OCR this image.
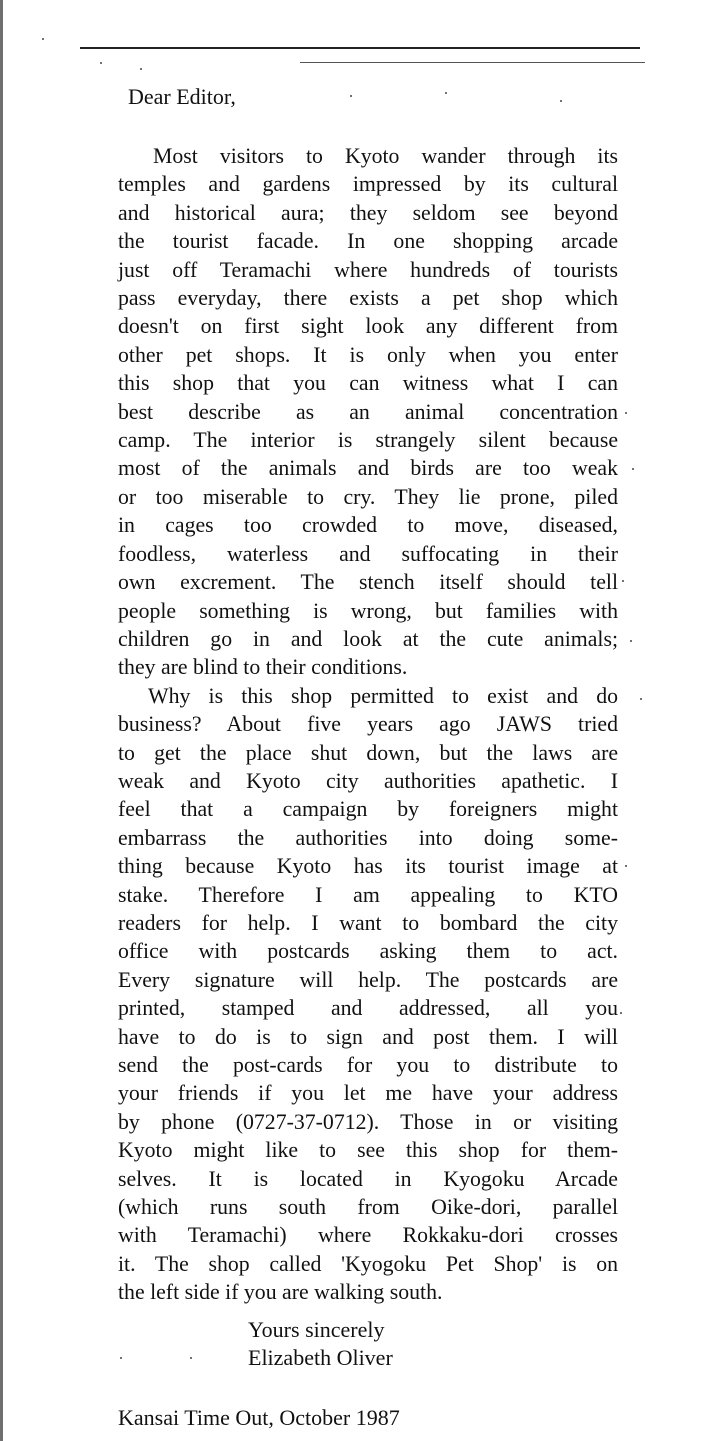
Dear Editor,
Most visitors to Kyoto wander through its
temples and gardens impressed by its cultural
and historical aura; they seldom see beyond
the tourist facade. In one shopping arcade
just off Teramachi where hundreds of tourists
pass everyday, there exists a pet shop which
doesn't on first sight look any different from
other pet shops. It is only when you enter
this shop that you can witness what I can
best describe as an animal concentration
camp. The interior is strangely silent because
most of the animals and birds are too weak
or too miserable to cry. They lie prone, piled
in cages too crowded to move, diseased,
foodless, waterless and suffocating in their
own excrement. The stench itself should tell
people something is wrong, but families with
children go in and look at the cute animals;
they are blind to their conditions.
Why is this shop permitted to exist and do
business? About five years ago JAWS tried
to get the place shut down, but the laws are
weak and Kyoto city authorities apathetic. I
feel that a campaign by foreigners might
embarrass the authorities into doing some-
thing because Kyoto has its tourist image at
stake. Therefore I am appealing to KTO
readers for help. I want to bombard the city
office with postcards asking them to act.
Every signature will help. The postcards are
printed, stamped and addressed, all you
have to do is to sign and post them. I will
send the post-cards for you to distribute to
your friends if you let me have your address
by phone (0727-37-0712). Those in or visiting
Kyoto might like to see this shop for them-
selves. It is located in Kyogoku Arcade
(which runs south from Oike-dori, parallel
with Teramachi) where Rokkaku-dori crosses
it. The shop called 'Kyogoku Pet Shop' is on
the left side if you are walking south.
Yours sincerely
Elizabeth Oliver
Kansai Time Out, October 1987
